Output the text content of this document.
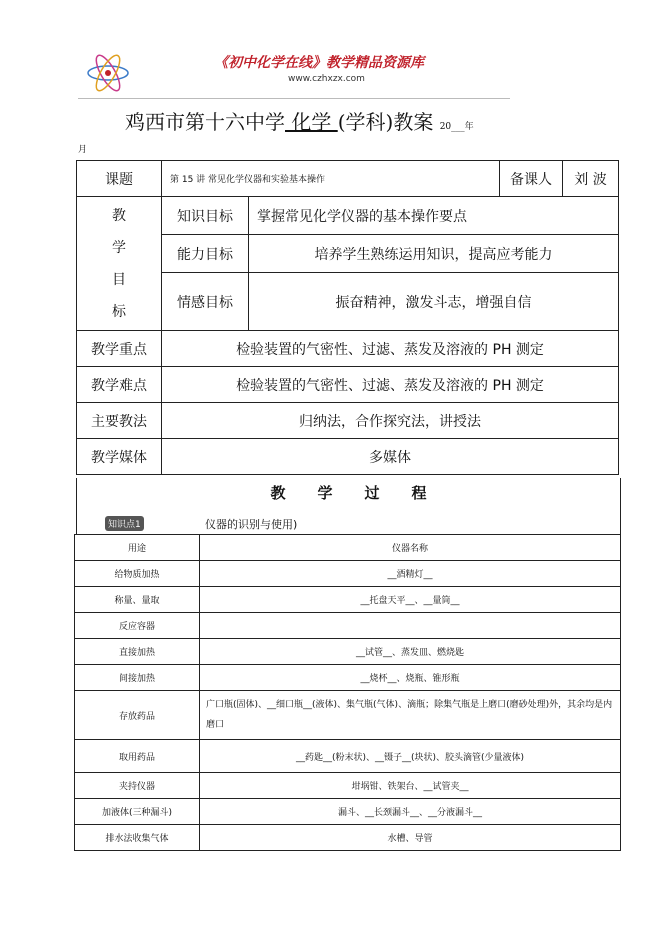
《初中化学在线》教学精品资源库
www.czhxzx.com
鸡西市第十六中学 化学 (学科)教案 20___年
月
课题	第 15 讲 常见化学仪器和实验基本操作		备课人	刘 波
教学目标	知识目标	掌握常见化学仪器的基本操作要点		
	能力目标	培养学生熟练运用知识，提高应考能力		
	情感目标	振奋精神，激发斗志，增强自信		
教学重点	检验装置的气密性、过滤、蒸发及溶液的 PH 测定			
教学难点	检验装置的气密性、过滤、蒸发及溶液的 PH 测定			
主要教法	归纳法，合作探究法，讲授法			
教学媒体	多媒体			
教学过程
知识点1	仪器的识别与使用)
用途	仪器名称
给物质加热	__酒精灯__
称量、量取	__托盘天平__、__量筒__
反应容器	
直接加热	__试管__、蒸发皿、燃烧匙
间接加热	__烧杯__、烧瓶、锥形瓶
存放药品	广口瓶(固体)、__细口瓶__(液体)、集气瓶(气体)、滴瓶；除集气瓶是上磨口(磨砂处理)外，其余均是内磨口
取用药品	__药匙__(粉末状)、__镊子__(块状)、胶头滴管(少量液体)
夹持仪器	坩埚钳、铁架台、__试管夹__
加液体(三种漏斗)	漏斗、__长颈漏斗__、__分液漏斗__
排水法收集气体	水槽、导管
